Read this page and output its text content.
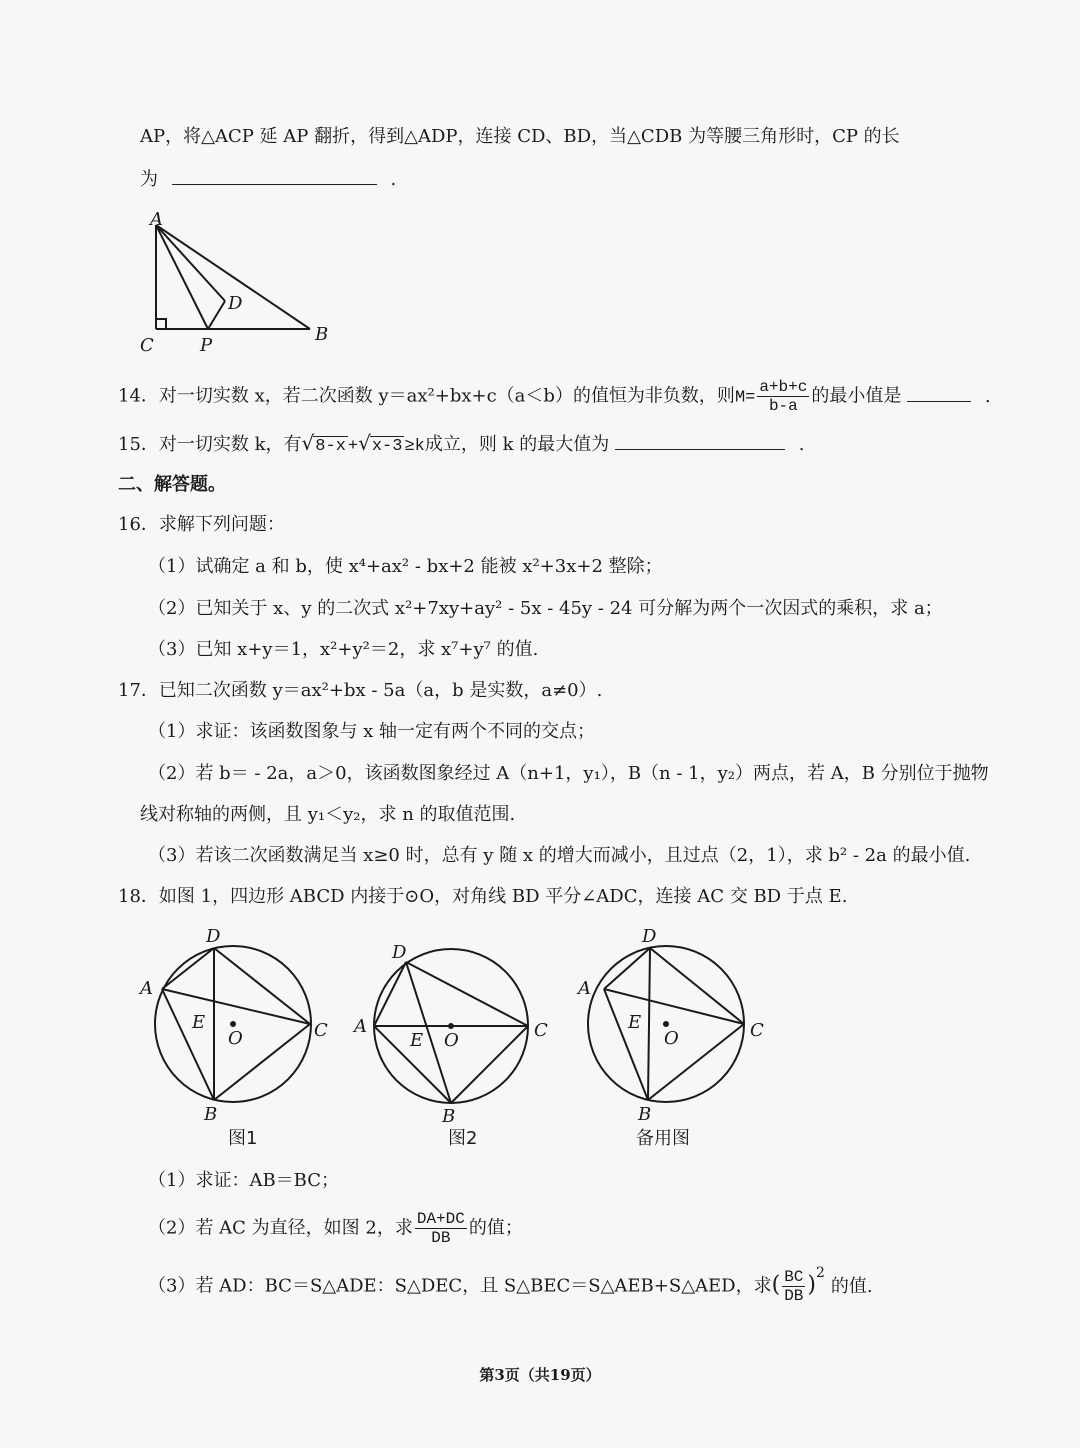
AP，将△ACP 延 AP 翻折，得到△ADP，连接 CD、BD，当△CDB 为等腰三角形时，CP 的长
为	.
A
D
C	P
B
14．对一切实数 x，若二次函数 y＝ax²+bx+c（a＜b）的值恒为非负数，则$M= \frac{a+b+c}{b-a}$ 的最小值是	.
15．对一切实数 k，有√8-x +√x-3 ≥k成立，则 k 的最大值为	.
二、解答题。
16．求解下列问题：
（1）试确定 a 和 b，使 x⁴+ax² - bx+2 能被 x²+3x+2 整除；
（2）已知关于 x、y 的二次式 x²+7xy+ay² - 5x - 45y - 24 可分解为两个一次因式的乘积，求 a；
（3）已知 x+y＝1，x²+y²＝2，求 x⁷+y⁷ 的值.
17．已知二次函数 y＝ax²+bx - 5a（a，b 是实数，a≠0）.
（1）求证：该函数图象与 x 轴一定有两个不同的交点；
（2）若 b＝ - 2a，a＞0，该函数图象经过 A（n+1，y₁），B（n - 1，y₂）两点，若 A，B 分别位于抛物
线对称轴的两侧，且 y₁＜y₂，求 n 的取值范围.
（3）若该二次函数满足当 x≥0 时，总有 y 随 x 的增大而减小，且过点（2，1），求 b² - 2a 的最小值.
18．如图 1，四边形 ABCD 内接于⊙O，对角线 BD 平分∠ADC，连接 AC 交 BD 于点 E.
D
A
E
O	C
B
图1
D
A
E O	C
B
图2
D
A
E
O	C
B
备用图
（1）求证：AB＝BC；
（2）若 AC 为直径，如图 2，求 $\frac{DA+DC}{DB}$ 的值；
（3）若 AD：BC＝S△ADE：S△DEC，且 S△BEC＝S△AEB+S△AED，求( $\frac{BC}{DB} )^2$的值.
第3页（共19页）
